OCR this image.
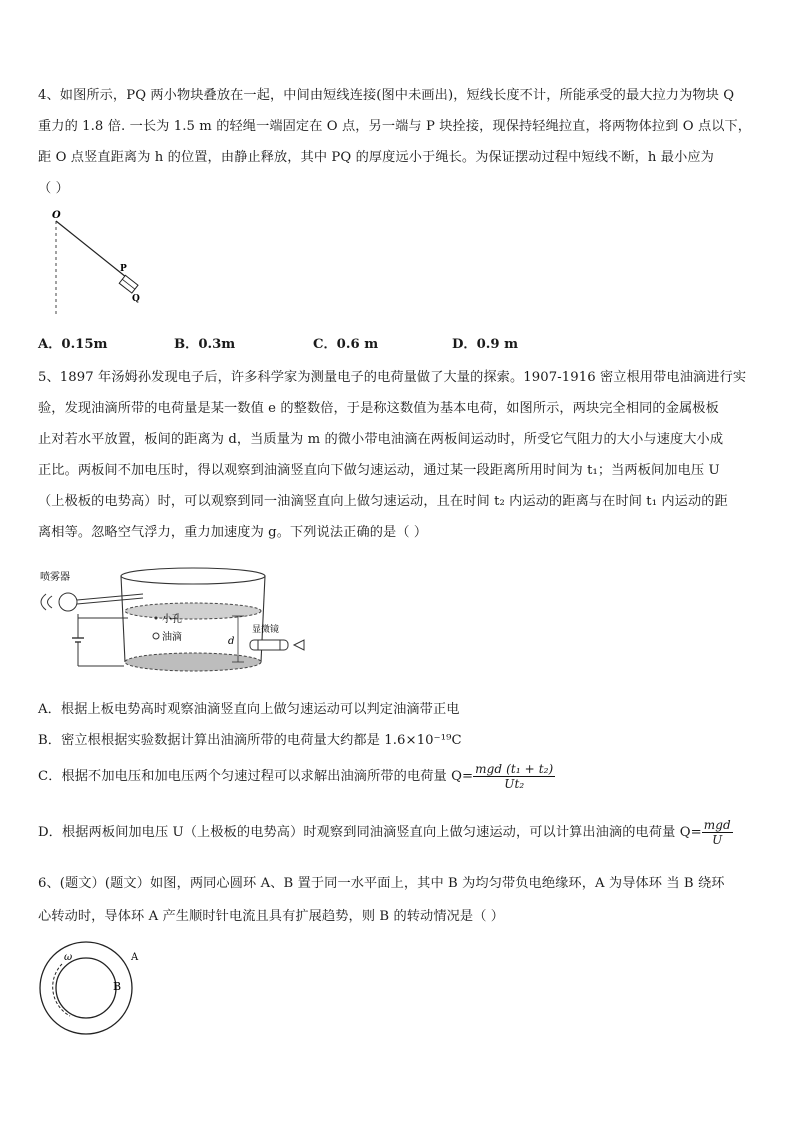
4、如图所示，PQ 两小物块叠放在一起，中间由短线连接(图中未画出)，短线长度不计，所能承受的最大拉力为物块 Q
重力的 1.8 倍. 一长为 1.5 m 的轻绳一端固定在 O 点，另一端与 P 块拴接，现保持轻绳拉直，将两物体拉到 O 点以下，
距 O 点竖直距离为 h 的位置，由静止释放，其中 PQ 的厚度远小于绳长。为保证摆动过程中短线不断，h 最小应为
（ ）
O
P
Q
A．0.15m	B．0.3m	C．0.6 m	D．0.9 m
5、1897 年汤姆孙发现电子后，许多科学家为测量电子的电荷量做了大量的探索。1907-1916 密立根用带电油滴进行实
验，发现油滴所带的电荷量是某一数值 e 的整数倍，于是称这数值为基本电荷，如图所示，两块完全相同的金属极板
止对若水平放置，板间的距离为 d，当质量为 m 的微小带电油滴在两板间运动时，所受它气阻力的大小与速度大小成
正比。两板间不加电压时，得以观察到油滴竖直向下做匀速运动，通过某一段距离所用时间为 t₁；当两板间加电压 U
（上极板的电势高）时，可以观察到同一油滴竖直向上做匀速运动，且在时间 t₂ 内运动的距离与在时间 t₁ 内运动的距
离相等。忽略空气浮力，重力加速度为 g。下列说法正确的是（ ）
喷雾器
小孔
油滴
显微镜
d
A．根据上板电势高时观察油滴竖直向上做匀速运动可以判定油滴带正电
B．密立根根据实验数据计算出油滴所带的电荷量大约都是 1.6×10⁻¹⁹C
C．根据不加电压和加电压两个匀速过程可以求解出油滴所带的电荷量 $Q= \frac{\text{mgd (t₁ + t₂)}}{\text{Ut₂}}$
D．根据两板间加电压 U（上极板的电势高）时观察到同油滴竖直向上做匀速运动，可以计算出油滴的电荷量 $Q= \frac{\text{mgd}}{U}$
6、(题文）(题文）如图，两同心圆环 A、B 置于同一水平面上，其中 B 为均匀带负电绝缘环，A 为导体环 当 B 绕环
心转动时，导体环 A 产生顺时针电流且具有扩展趋势，则 B 的转动情况是（ ）
ω	A
B
